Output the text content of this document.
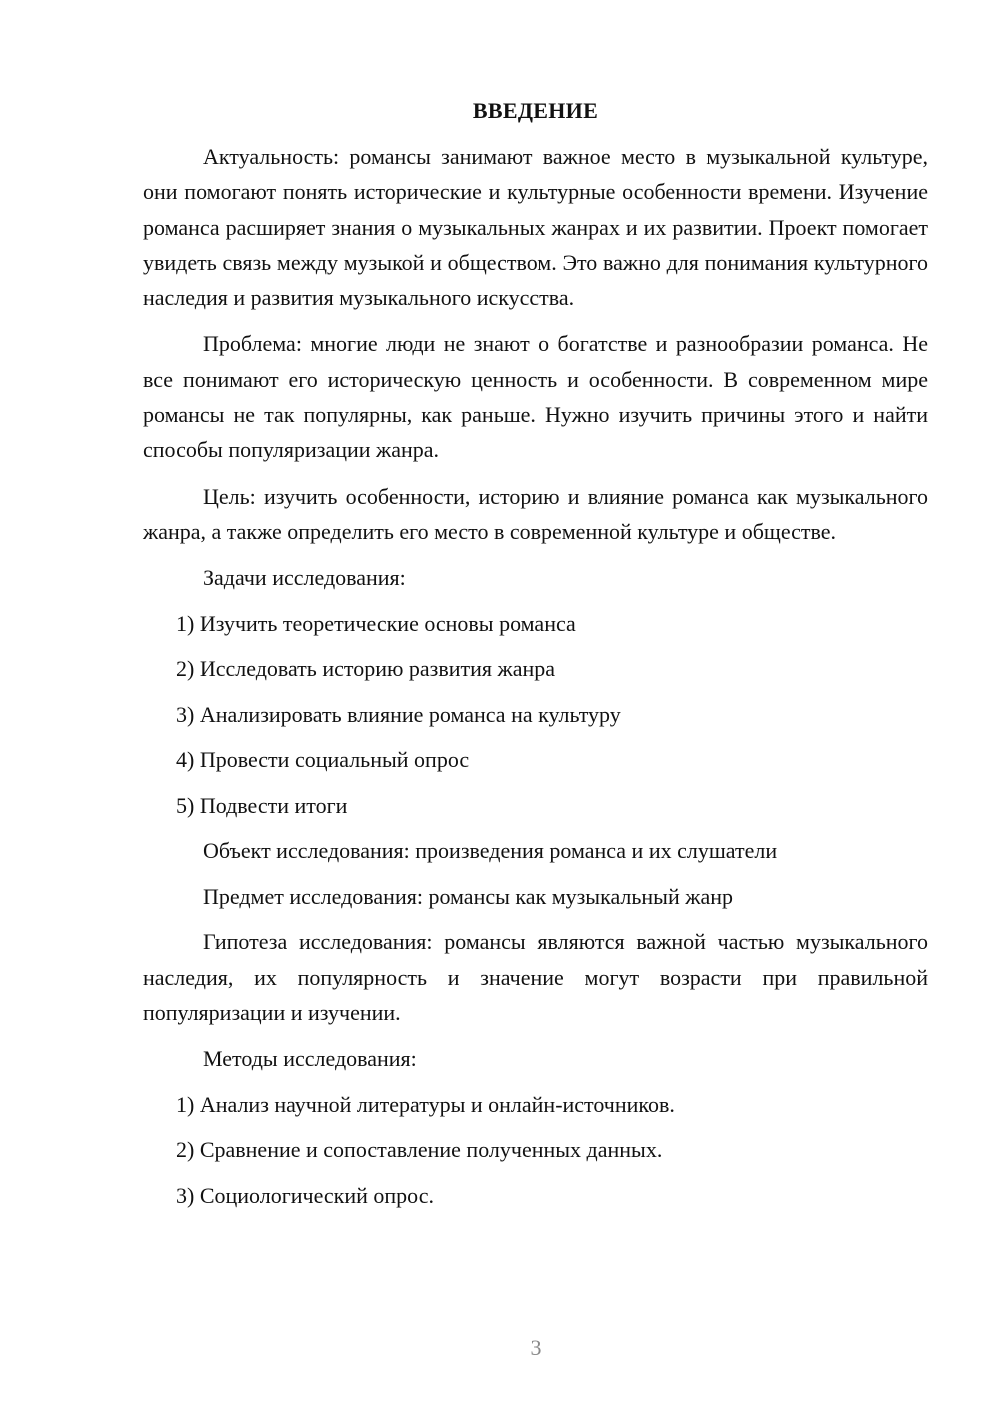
ВВЕДЕНИЕ
Актуальность: романсы занимают важное место в музыкальной культуре, они помогают понять исторические и культурные особенности времени. Изучение романса расширяет знания о музыкальных жанрах и их развитии. Проект помогает увидеть связь между музыкой и обществом. Это важно для понимания культурного наследия и развития музыкального искусства.
Проблема: многие люди не знают о богатстве и разнообразии романса. Не все понимают его историческую ценность и особенности. В современном мире романсы не так популярны, как раньше. Нужно изучить причины этого и найти способы популяризации жанра.
Цель: изучить особенности, историю и влияние романса как музыкального жанра, а также определить его место в современной культуре и обществе.
Задачи исследования:
1) Изучить теоретические основы романса
2) Исследовать историю развития жанра
3) Анализировать влияние романса на культуру
4) Провести социальный опрос
5) Подвести итоги
Объект исследования: произведения романса и их слушатели
Предмет исследования: романсы как музыкальный жанр
Гипотеза исследования: романсы являются важной частью музыкального наследия, их популярность и значение могут возрасти при правильной популяризации и изучении.
Методы исследования:
1) Анализ научной литературы и онлайн-источников.
2) Сравнение и сопоставление полученных данных.
3) Социологический опрос.
3
